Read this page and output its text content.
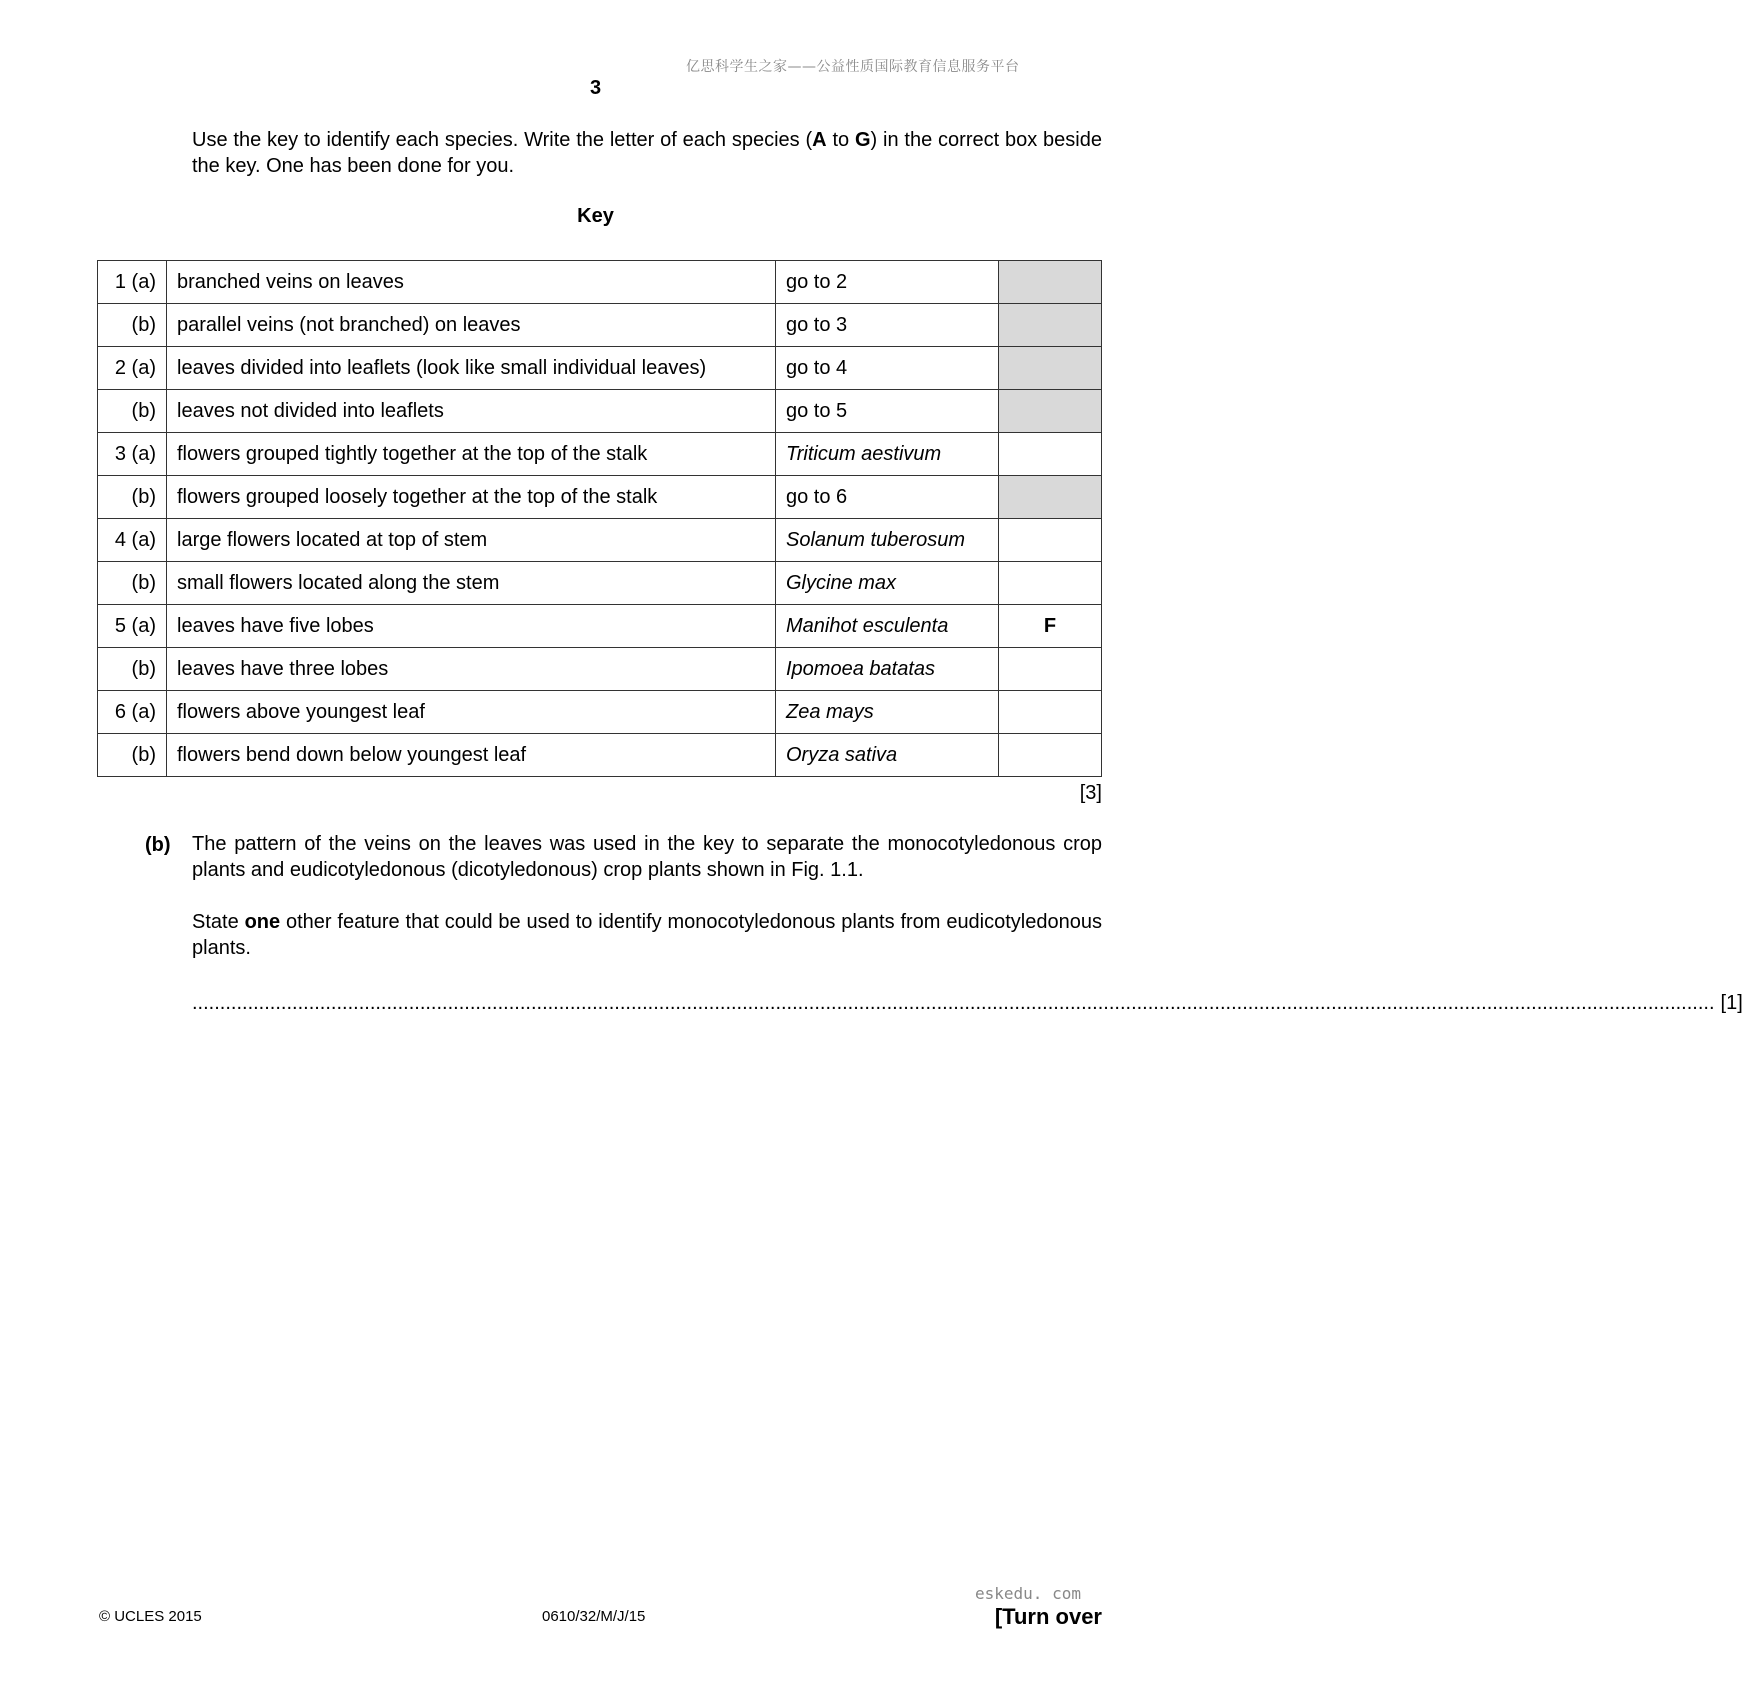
亿思科学生之家——公益性质国际教育信息服务平台
3
Use the key to identify each species. Write the letter of each species (A to G) in the correct box beside the key. One has been done for you.
Key
1 (a)	branched veins on leaves	go to 2	
(b)	parallel veins (not branched) on leaves	go to 3	
2 (a)	leaves divided into leaflets (look like small individual leaves)	go to 4	
(b)	leaves not divided into leaflets	go to 5	
3 (a)	flowers grouped tightly together at the top of the stalk	Triticum aestivum	
(b)	flowers grouped loosely together at the top of the stalk	go to 6	
4 (a)	large flowers located at top of stem	Solanum tuberosum	
(b)	small flowers located along the stem	Glycine max	
5 (a)	leaves have five lobes	Manihot esculenta	F
(b)	leaves have three lobes	Ipomoea batatas	
6 (a)	flowers above youngest leaf	Zea mays	
(b)	flowers bend down below youngest leaf	Oryza sativa	
[3]
(b) The pattern of the veins on the leaves was used in the key to separate the monocotyledonous crop plants and eudicotyledonous (dicotyledonous) crop plants shown in Fig. 1.1.
State one other feature that could be used to identify monocotyledonous plants from eudicotyledonous plants.
.................................................................................................................................................................................................................................................................................. [1]
© UCLES 2015	0610/32/M/J/15
eskedu. com
[Turn over
